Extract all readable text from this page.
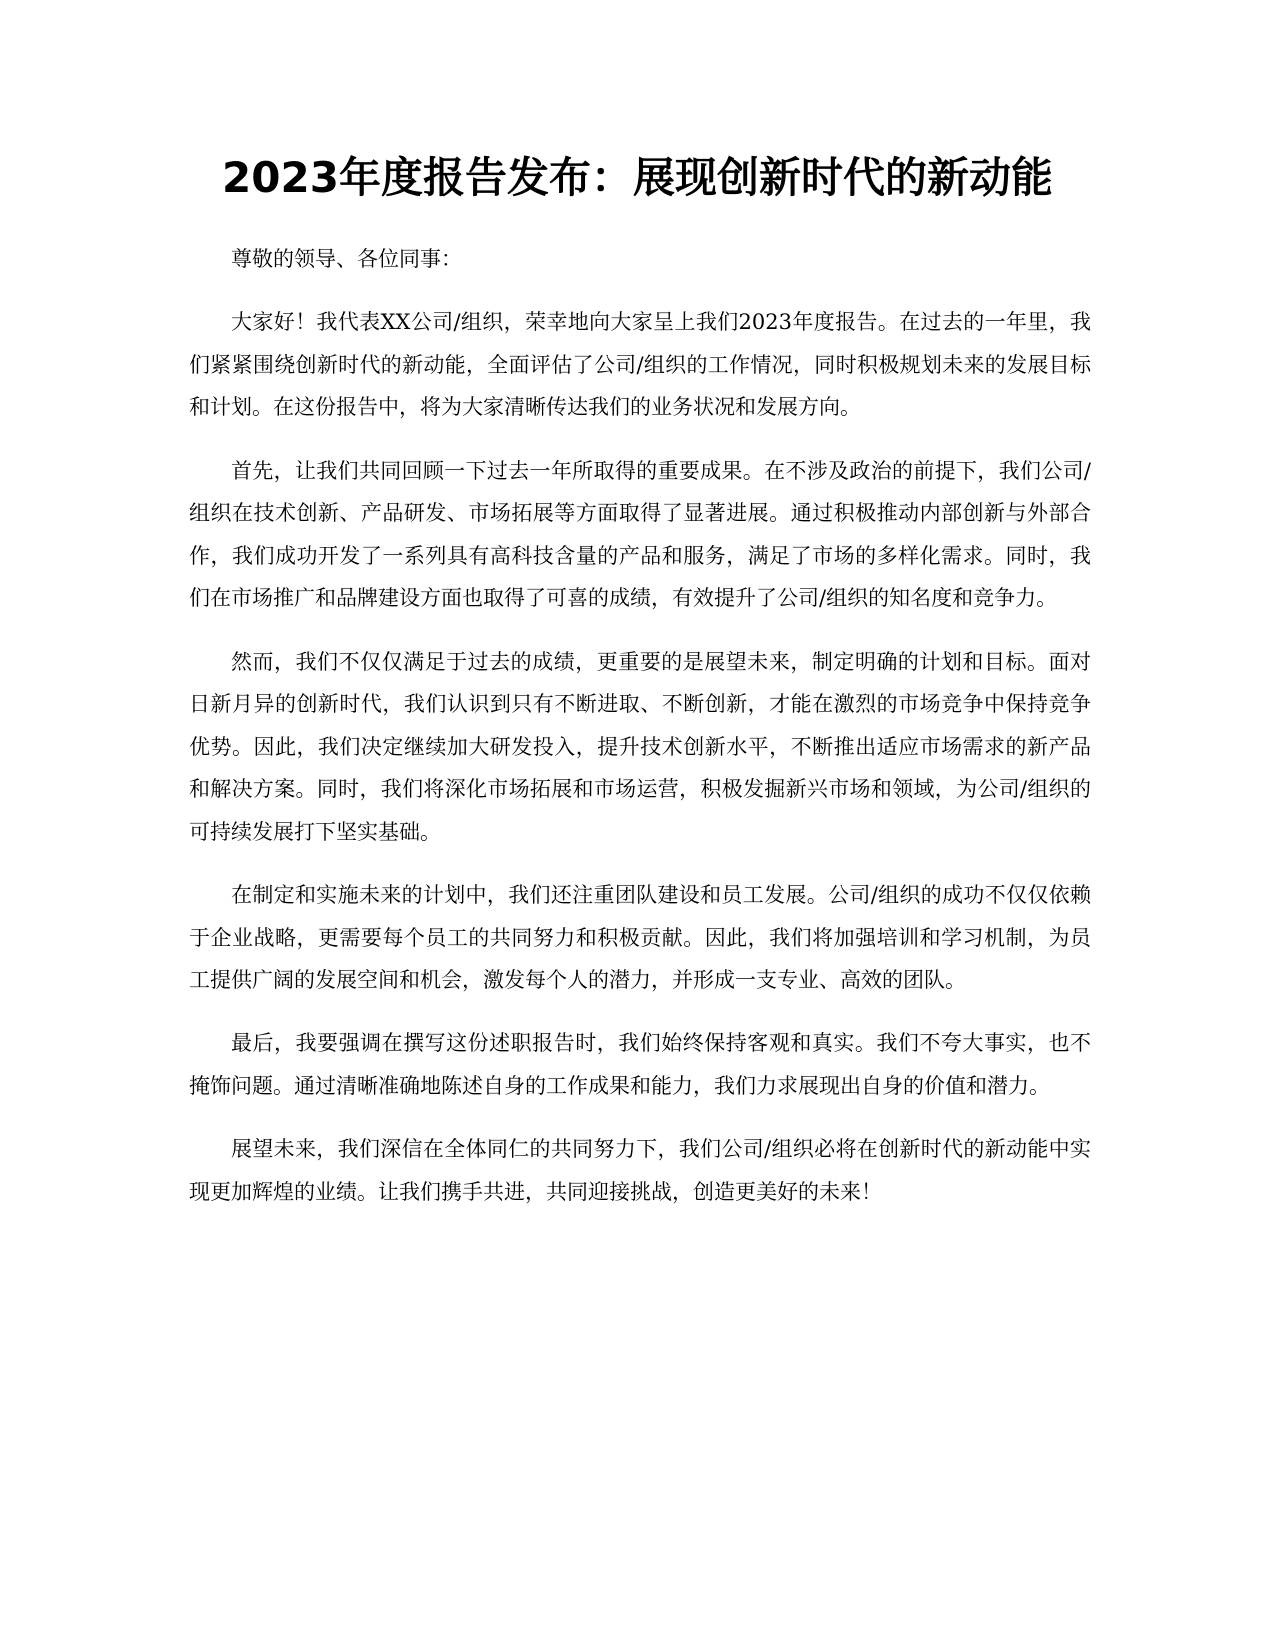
2023年度报告发布：展现创新时代的新动能

尊敬的领导、各位同事：

大家好！我代表XX公司/组织，荣幸地向大家呈上我们2023年度报告。在过去的一年里，我们紧紧围绕创新时代的新动能，全面评估了公司/组织的工作情况，同时积极规划未来的发展目标和计划。在这份报告中，将为大家清晰传达我们的业务状况和发展方向。

首先，让我们共同回顾一下过去一年所取得的重要成果。在不涉及政治的前提下，我们公司/组织在技术创新、产品研发、市场拓展等方面取得了显著进展。通过积极推动内部创新与外部合作，我们成功开发了一系列具有高科技含量的产品和服务，满足了市场的多样化需求。同时，我们在市场推广和品牌建设方面也取得了可喜的成绩，有效提升了公司/组织的知名度和竞争力。

然而，我们不仅仅满足于过去的成绩，更重要的是展望未来，制定明确的计划和目标。面对日新月异的创新时代，我们认识到只有不断进取、不断创新，才能在激烈的市场竞争中保持竞争优势。因此，我们决定继续加大研发投入，提升技术创新水平，不断推出适应市场需求的新产品和解决方案。同时，我们将深化市场拓展和市场运营，积极发掘新兴市场和领域，为公司/组织的可持续发展打下坚实基础。

在制定和实施未来的计划中，我们还注重团队建设和员工发展。公司/组织的成功不仅仅依赖于企业战略，更需要每个员工的共同努力和积极贡献。因此，我们将加强培训和学习机制，为员工提供广阔的发展空间和机会，激发每个人的潜力，并形成一支专业、高效的团队。

最后，我要强调在撰写这份述职报告时，我们始终保持客观和真实。我们不夸大事实，也不掩饰问题。通过清晰准确地陈述自身的工作成果和能力，我们力求展现出自身的价值和潜力。

展望未来，我们深信在全体同仁的共同努力下，我们公司/组织必将在创新时代的新动能中实现更加辉煌的业绩。让我们携手共进，共同迎接挑战，创造更美好的未来！
